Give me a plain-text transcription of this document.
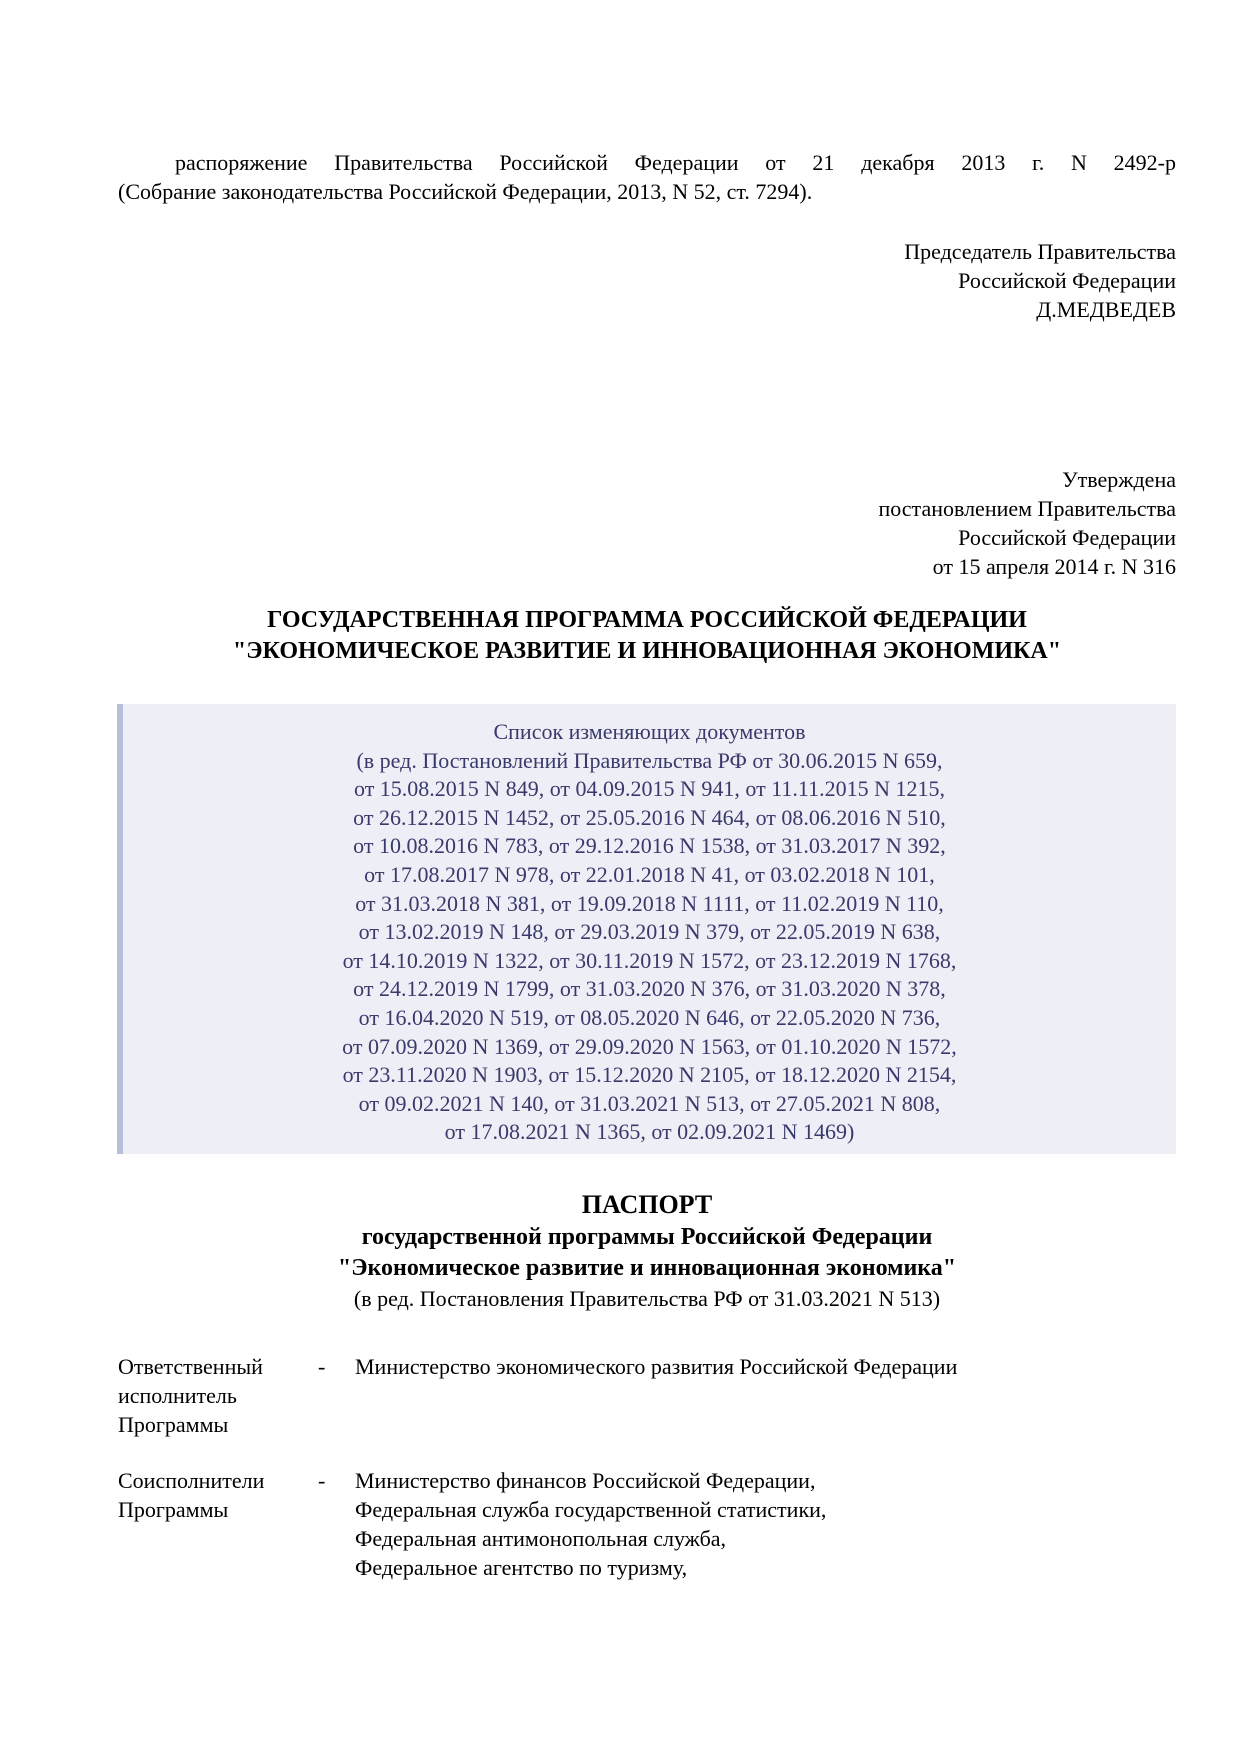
распоряжение Правительства Российской Федерации от 21 декабря 2013 г. N 2492-р
(Собрание законодательства Российской Федерации, 2013, N 52, ст. 7294).
Председатель Правительства
Российской Федерации
Д.МЕДВЕДЕВ
Утверждена
постановлением Правительства
Российской Федерации
от 15 апреля 2014 г. N 316
ГОСУДАРСТВЕННАЯ ПРОГРАММА РОССИЙСКОЙ ФЕДЕРАЦИИ
"ЭКОНОМИЧЕСКОЕ РАЗВИТИЕ И ИННОВАЦИОННАЯ ЭКОНОМИКА"
Список изменяющих документов
(в ред. Постановлений Правительства РФ от 30.06.2015 N 659,
от 15.08.2015 N 849, от 04.09.2015 N 941, от 11.11.2015 N 1215,
от 26.12.2015 N 1452, от 25.05.2016 N 464, от 08.06.2016 N 510,
от 10.08.2016 N 783, от 29.12.2016 N 1538, от 31.03.2017 N 392,
от 17.08.2017 N 978, от 22.01.2018 N 41, от 03.02.2018 N 101,
от 31.03.2018 N 381, от 19.09.2018 N 1111, от 11.02.2019 N 110,
от 13.02.2019 N 148, от 29.03.2019 N 379, от 22.05.2019 N 638,
от 14.10.2019 N 1322, от 30.11.2019 N 1572, от 23.12.2019 N 1768,
от 24.12.2019 N 1799, от 31.03.2020 N 376, от 31.03.2020 N 378,
от 16.04.2020 N 519, от 08.05.2020 N 646, от 22.05.2020 N 736,
от 07.09.2020 N 1369, от 29.09.2020 N 1563, от 01.10.2020 N 1572,
от 23.11.2020 N 1903, от 15.12.2020 N 2105, от 18.12.2020 N 2154,
от 09.02.2021 N 140, от 31.03.2021 N 513, от 27.05.2021 N 808,
от 17.08.2021 N 1365, от 02.09.2021 N 1469)
ПАСПОРТ
государственной программы Российской Федерации
"Экономическое развитие и инновационная экономика"
(в ред. Постановления Правительства РФ от 31.03.2021 N 513)
Ответственный
исполнитель
Программы
- Министерство экономического развития Российской Федерации
Соисполнители
Программы
- Министерство финансов Российской Федерации,
Федеральная служба государственной статистики,
Федеральная антимонопольная служба,
Федеральное агентство по туризму,
